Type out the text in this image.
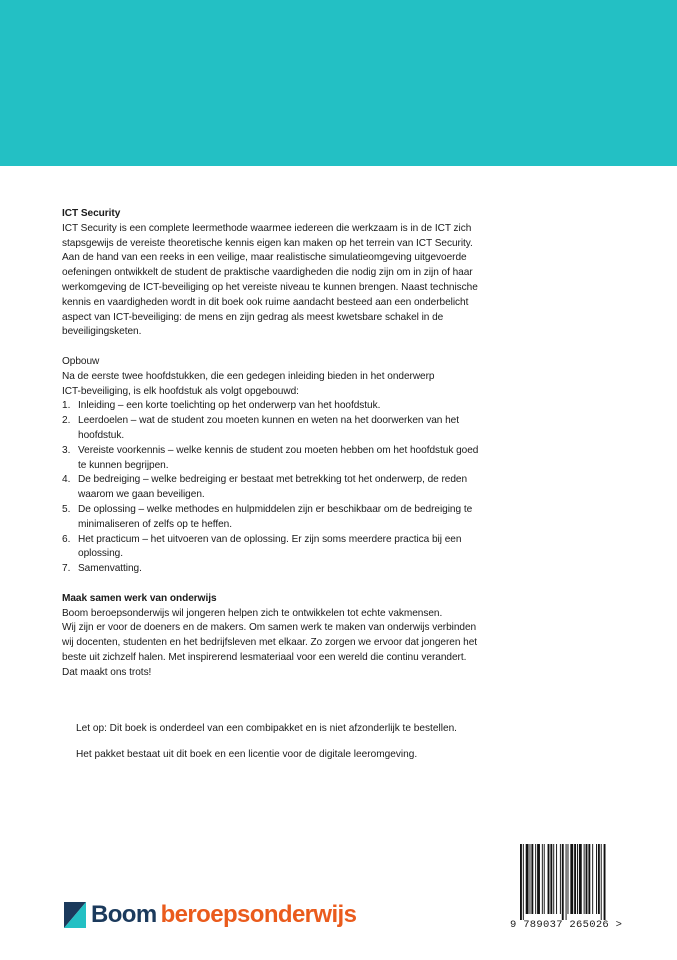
ICT Security

ICT Security is een complete leermethode waarmee iedereen die werkzaam is in de ICT zich

stapsgewijs de vereiste theoretische kennis eigen kan maken op het terrein van ICT Security.

Aan de hand van een reeks in een veilige, maar realistische simulatieomgeving uitgevoerde

oefeningen ontwikkelt de student de praktische vaardigheden die nodig zijn om in zijn of haar

werkomgeving de ICT-beveiliging op het vereiste niveau te kunnen brengen. Naast technische

kennis en vaardigheden wordt in dit boek ook ruime aandacht besteed aan een onderbelicht

aspect van ICT-beveiliging: de mens en zijn gedrag als meest kwetsbare schakel in de

beveiligingsketen.

Opbouw

Na de eerste twee hoofdstukken, die een gedegen inleiding bieden in het onderwerp

ICT-beveiliging, is elk hoofdstuk als volgt opgebouwd:

1. Inleiding – een korte toelichting op het onderwerp van het hoofdstuk.
2. Leerdoelen – wat de student zou moeten kunnen en weten na het doorwerken van het
hoofdstuk.
3. Vereiste voorkennis – welke kennis de student zou moeten hebben om het hoofdstuk goed
te kunnen begrijpen.
4. De bedreiging – welke bedreiging er bestaat met betrekking tot het onderwerp, de reden
waarom we gaan beveiligen.
5. De oplossing – welke methodes en hulpmiddelen zijn er beschikbaar om de bedreiging te
minimaliseren of zelfs op te heffen.
6. Het practicum – het uitvoeren van de oplossing. Er zijn soms meerdere practica bij een
oplossing.
7. Samenvatting.

Maak samen werk van onderwijs

Boom beroepsonderwijs wil jongeren helpen zich te ontwikkelen tot echte vakmensen.

Wij zijn er voor de doeners en de makers. Om samen werk te maken van onderwijs verbinden

wij docenten, studenten en het bedrijfsleven met elkaar. Zo zorgen we ervoor dat jongeren het

beste uit zichzelf halen. Met inspirerend lesmateriaal voor een wereld die continu verandert.

Dat maakt ons trots!

Let op: Dit boek is onderdeel van een combipakket en is niet afzonderlijk te bestellen.

Het pakket bestaat uit dit boek en een licentie voor de digitale leeromgeving.

Boom beroepsonderwijs	9 789037 265026 >
